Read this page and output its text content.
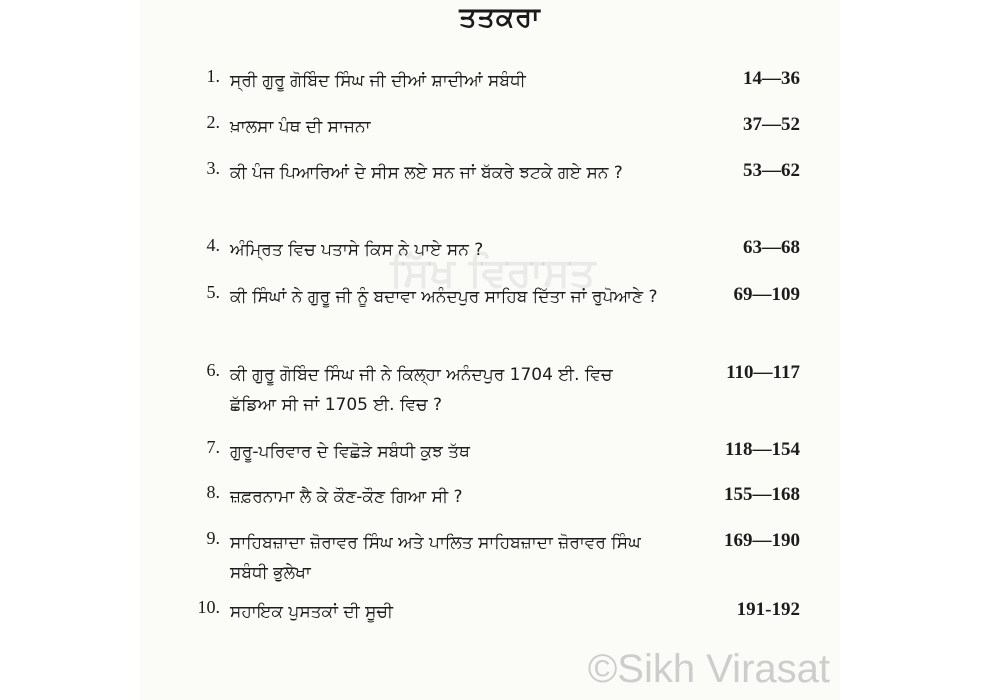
ਤਤਕਰਾ
1. ਸ੍ਰੀ ਗੁਰੂ ਗੋਬਿੰਦ ਸਿੰਘ ਜੀ ਦੀਆਂ ਸ਼ਾਦੀਆਂ ਸਬੰਧੀ	14—36
2. ਖ਼ਾਲਸਾ ਪੰਥ ਦੀ ਸਾਜਨਾ	37—52
3. ਕੀ ਪੰਜ ਪਿਆਰਿਆਂ ਦੇ ਸੀਸ ਲਏ ਸਨ ਜਾਂ ਬੱਕਰੇ ਝਟਕੇ ਗਏ ਸਨ ?	53—62
4. ਅੰਮ੍ਰਿਤ ਵਿਚ ਪਤਾਸੇ ਕਿਸ ਨੇ ਪਾਏ ਸਨ ?	63—68
5. ਕੀ ਸਿੰਘਾਂ ਨੇ ਗੁਰੂ ਜੀ ਨੂੰ ਬਦਾਵਾ ਅਨੰਦਪੁਰ ਸਾਹਿਬ ਦਿੱਤਾ ਜਾਂ ਰੁਪੋਆਣੇ ?	69—109
6. ਕੀ ਗੁਰੂ ਗੋਬਿੰਦ ਸਿੰਘ ਜੀ ਨੇ ਕਿਲ੍ਹਾ ਅਨੰਦਪੁਰ 1704 ਈ. ਵਿਚ ਛੱਡਿਆ ਸੀ ਜਾਂ 1705 ਈ. ਵਿਚ ?
110—117
7. ਗੁਰੂ-ਪਰਿਵਾਰ ਦੇ ਵਿਛੋੜੇ ਸਬੰਧੀ ਕੁਝ ਤੱਥ	118—154
8. ਜ਼ਫ਼ਰਨਾਮਾ ਲੈ ਕੇ ਕੌਣ-ਕੌਣ ਗਿਆ ਸੀ ?	155—168
9. ਸਾਹਿਬਜ਼ਾਦਾ ਜ਼ੋਰਾਵਰ ਸਿੰਘ ਅਤੇ ਪਾਲਿਤ ਸਾਹਿਬਜ਼ਾਦਾ ਜ਼ੋਰਾਵਰ ਸਿੰਘ ਸਬੰਧੀ ਭੁਲੇਖਾ
169—190
10. ਸਹਾਇਕ ਪੁਸਤਕਾਂ ਦੀ ਸੂਚੀ	191-192
©Sikh Virasat
